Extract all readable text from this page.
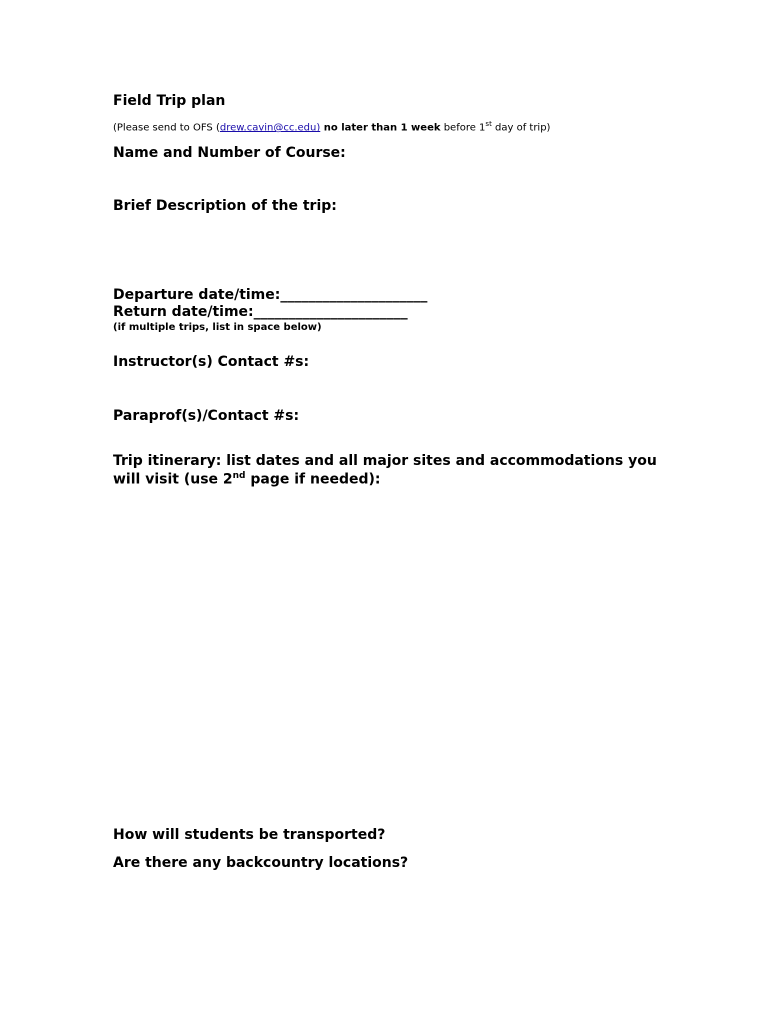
Field Trip plan
(Please send to OFS (drew.cavin@cc.edu) no later than 1 week before 1st day of trip)
Name and Number of Course:
Brief Description of the trip:
Departure date/time:_____________________
Return date/time:______________________
(if multiple trips, list in space below)
Instructor(s) Contact #s:
Paraprof(s)/Contact #s:
Trip itinerary: list dates and all major sites and accommodations you
will visit (use 2nd page if needed):
How will students be transported?
Are there any backcountry locations?
